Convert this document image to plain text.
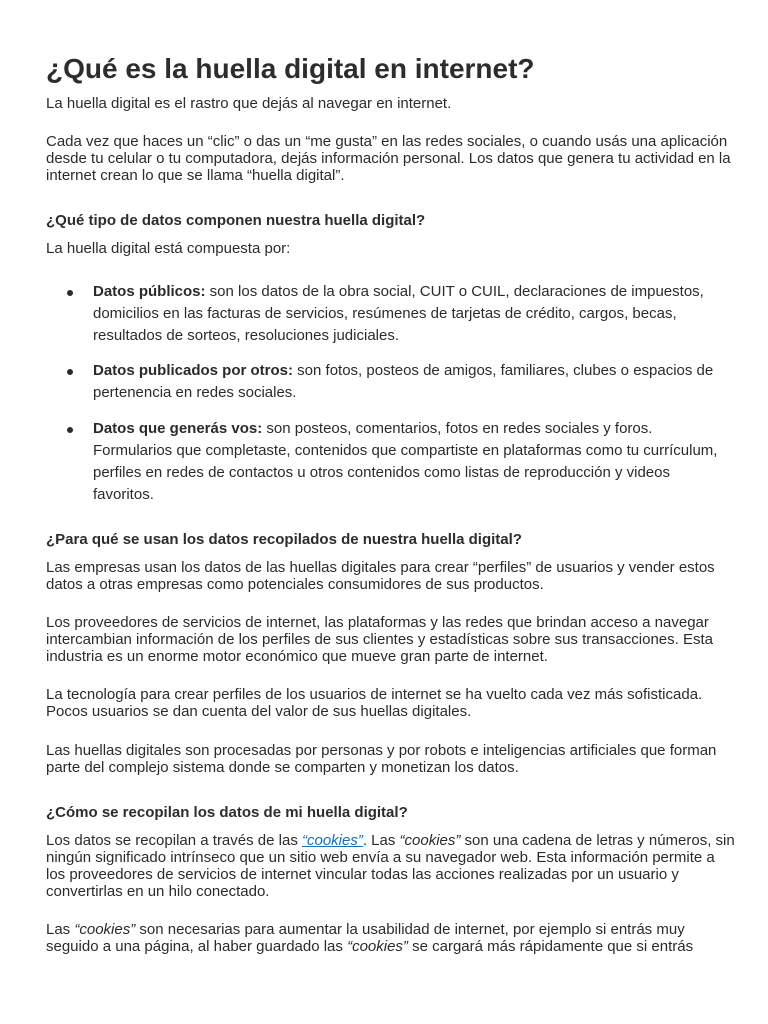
¿Qué es la huella digital en internet?

La huella digital es el rastro que dejás al navegar en internet.

Cada vez que haces un “clic” o das un “me gusta” en las redes sociales, o cuando usás una aplicación desde tu celular o tu computadora, dejás información personal. Los datos que genera tu actividad en la internet crean lo que se llama “huella digital”.

¿Qué tipo de datos componen nuestra huella digital?

La huella digital está compuesta por:

Datos públicos: son los datos de la obra social, CUIT o CUIL, declaraciones de impuestos, domicilios en las facturas de servicios, resúmenes de tarjetas de crédito, cargos, becas, resultados de sorteos, resoluciones judiciales.

Datos publicados por otros: son fotos, posteos de amigos, familiares, clubes o espacios de pertenencia en redes sociales.

Datos que generás vos: son posteos, comentarios, fotos en redes sociales y foros. Formularios que completaste, contenidos que compartiste en plataformas como tu currículum, perfiles en redes de contactos u otros contenidos como listas de reproducción y videos favoritos.

¿Para qué se usan los datos recopilados de nuestra huella digital?

Las empresas usan los datos de las huellas digitales para crear “perfiles” de usuarios y vender estos datos a otras empresas como potenciales consumidores de sus productos.

Los proveedores de servicios de internet, las plataformas y las redes que brindan acceso a navegar intercambian información de los perfiles de sus clientes y estadísticas sobre sus transacciones. Esta industria es un enorme motor económico que mueve gran parte de internet.

La tecnología para crear perfiles de los usuarios de internet se ha vuelto cada vez más sofisticada. Pocos usuarios se dan cuenta del valor de sus huellas digitales.

Las huellas digitales son procesadas por personas y por robots e inteligencias artificiales que forman parte del complejo sistema donde se comparten y monetizan los datos.

¿Cómo se recopilan los datos de mi huella digital?

Los datos se recopilan a través de las “cookies”. Las “cookies” son una cadena de letras y números, sin ningún significado intrínseco que un sitio web envía a su navegador web. Esta información permite a los proveedores de servicios de internet vincular todas las acciones realizadas por un usuario y convertirlas en un hilo conectado.

Las “cookies” son necesarias para aumentar la usabilidad de internet, por ejemplo si entrás muy seguido a una página, al haber guardado las “cookies” se cargará más rápidamente que si entrás
